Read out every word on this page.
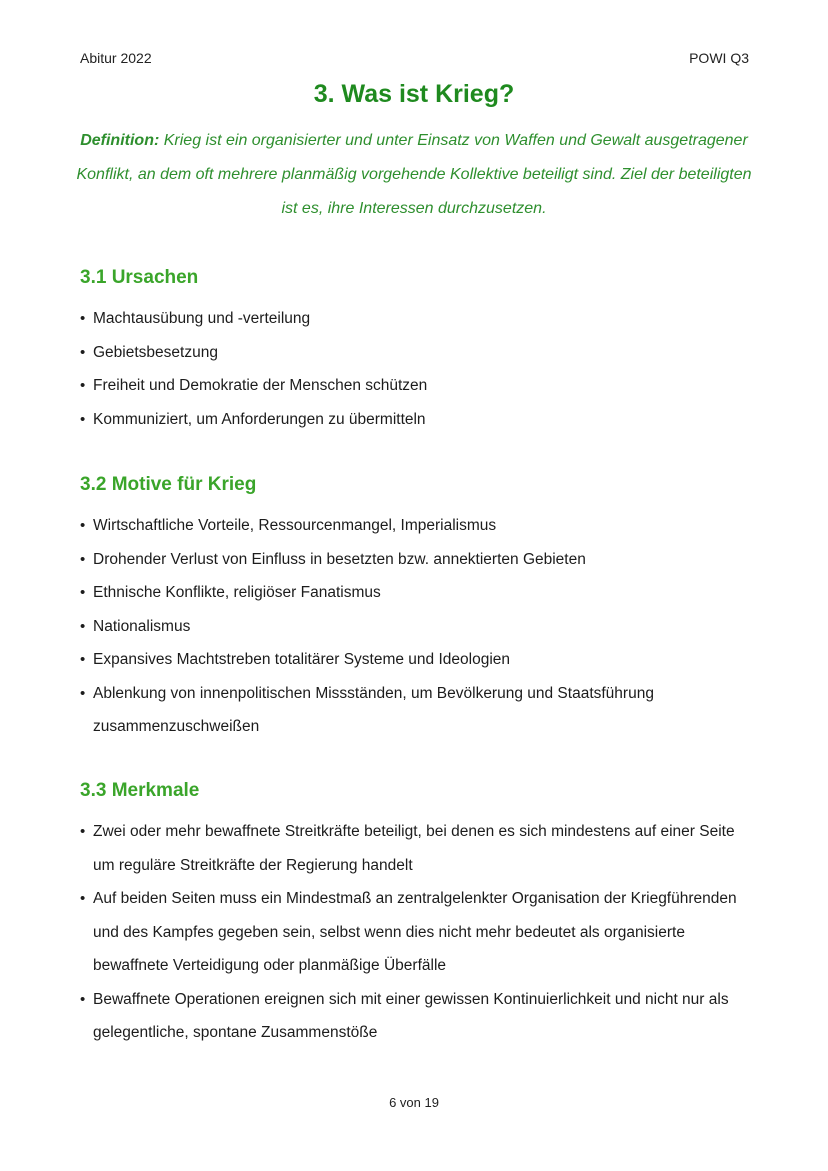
Abitur 2022	POWI Q3
3. Was ist Krieg?

Definition: Krieg ist ein organisierter und unter Einsatz von Waffen und Gewalt ausgetragener Konflikt, an dem oft mehrere planmäßig vorgehende Kollektive beteiligt sind. Ziel der beteiligten ist es, ihre Interessen durchzusetzen.

3.1 Ursachen
• Machtausübung und -verteilung
• Gebietsbesetzung
• Freiheit und Demokratie der Menschen schützen
• Kommuniziert, um Anforderungen zu übermitteln
3.2 Motive für Krieg
• Wirtschaftliche Vorteile, Ressourcenmangel, Imperialismus
• Drohender Verlust von Einfluss in besetzten bzw. annektierten Gebieten
• Ethnische Konflikte, religiöser Fanatismus
• Nationalismus
• Expansives Machtstreben totalitärer Systeme und Ideologien
• Ablenkung von innenpolitischen Missständen, um Bevölkerung und Staatsführung zusammenzuschweißen
3.3 Merkmale
• Zwei oder mehr bewaffnete Streitkräfte beteiligt, bei denen es sich mindestens auf einer Seite um reguläre Streitkräfte der Regierung handelt
• Auf beiden Seiten muss ein Mindestmaß an zentralgelenkter Organisation der Kriegführenden und des Kampfes gegeben sein, selbst wenn dies nicht mehr bedeutet als organisierte bewaffnete Verteidigung oder planmäßige Überfälle
• Bewaffnete Operationen ereignen sich mit einer gewissen Kontinuierlichkeit und nicht nur als gelegentliche, spontane Zusammenstöße
6 von 19
